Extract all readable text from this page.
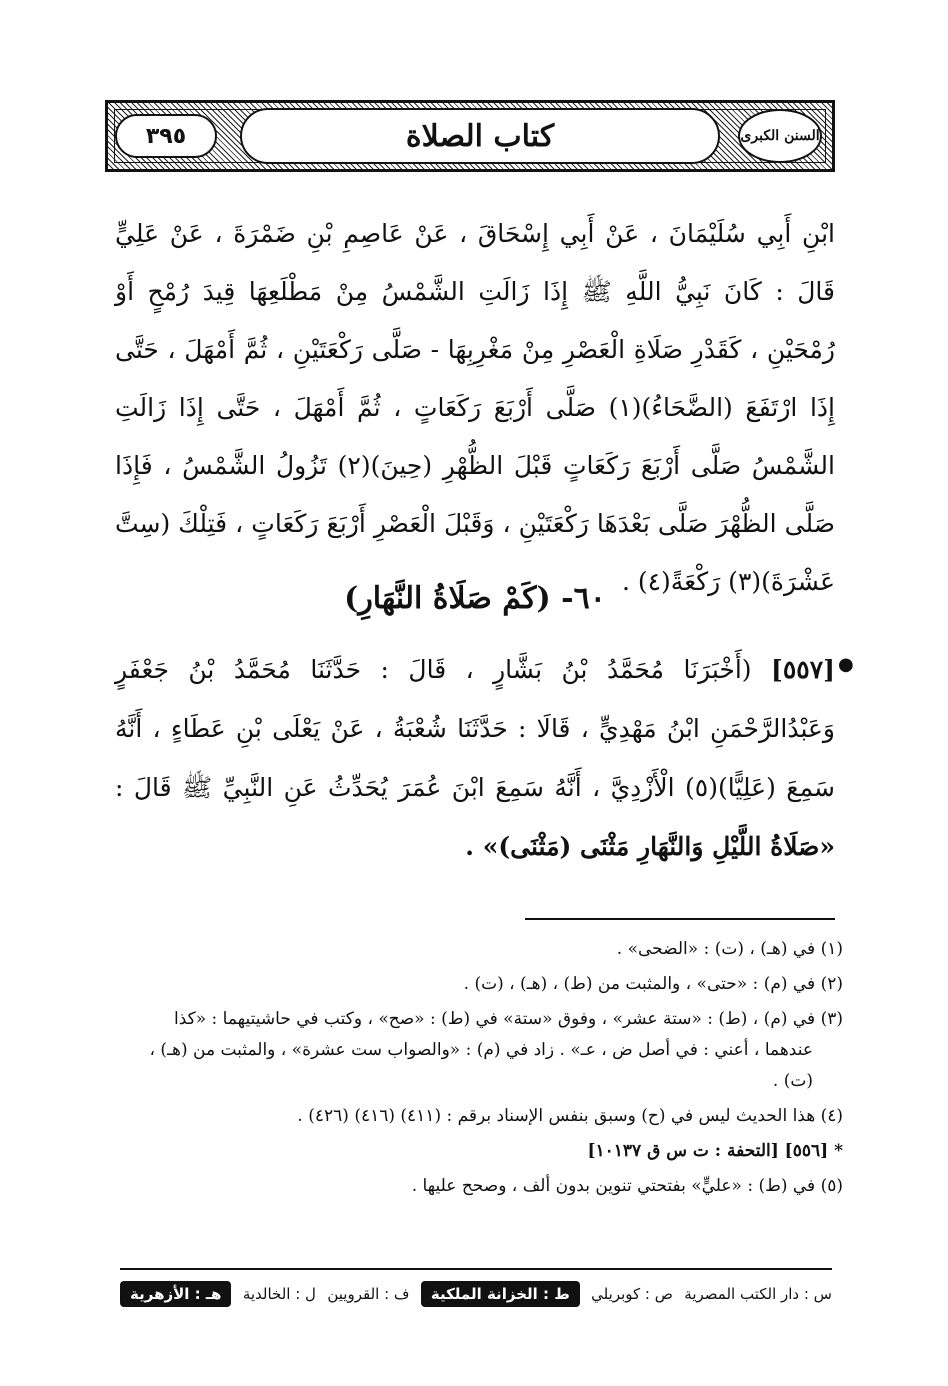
٣٩٥	كتاب الصلاة	السنن الكبرى
ابْنِ أَبِي سُلَيْمَانَ ، عَنْ أَبِي إِسْحَاقَ ، عَنْ عَاصِمِ بْنِ ضَمْرَةَ ، عَنْ عَلِيٍّ قَالَ : كَانَ نَبِيُّ اللَّهِ ﷺ إِذَا زَالَتِ الشَّمْسُ مِنْ مَطْلَعِهَا قِيدَ رُمْحٍ أَوْ رُمْحَيْنِ ، كَقَدْرِ صَلَاةِ الْعَصْرِ مِنْ مَغْرِبِهَا - صَلَّى رَكْعَتَيْنِ ، ثُمَّ أَمْهَلَ ، حَتَّى إِذَا ارْتَفَعَ (الضَّحَاءُ)(١) صَلَّى أَرْبَعَ رَكَعَاتٍ ، ثُمَّ أَمْهَلَ ، حَتَّى إِذَا زَالَتِ الشَّمْسُ صَلَّى أَرْبَعَ رَكَعَاتٍ قَبْلَ الظُّهْرِ (حِينَ)(٢) تَزُولُ الشَّمْسُ ، فَإِذَا صَلَّى الظُّهْرَ صَلَّى بَعْدَهَا رَكْعَتَيْنِ ، وَقَبْلَ الْعَصْرِ أَرْبَعَ رَكَعَاتٍ ، فَتِلْكَ (سِتَّ عَشْرَةَ)(٣) رَكْعَةً(٤) .
٦٠- (كَمْ صَلَاةُ النَّهَارِ)
●
[٥٥٧] (أَخْبَرَنَا مُحَمَّدُ بْنُ بَشَّارٍ ، قَالَ : حَدَّثَنَا مُحَمَّدُ بْنُ جَعْفَرٍ وَعَبْدُالرَّحْمَنِ ابْنُ مَهْدِيٍّ ، قَالَا : حَدَّثَنَا شُعْبَةُ ، عَنْ يَعْلَى بْنِ عَطَاءٍ ، أَنَّهُ سَمِعَ (عَلِيًّا)(٥) الْأَزْدِيَّ ، أَنَّهُ سَمِعَ ابْنَ عُمَرَ يُحَدِّثُ عَنِ النَّبِيِّ ﷺ قَالَ : «صَلَاةُ اللَّيْلِ وَالنَّهَارِ مَثْنَى (مَثْنَى)» .
(١) في (هـ) ، (ت) : «الضحى» .
(٢) في (م) : «حتى» ، والمثبت من (ط) ، (هـ) ، (ت) .
(٣) في (م) ، (ط) : «ستة عشر» ، وفوق «ستة» في (ط) : «صح» ، وكتب في حاشيتيهما : «كذا
عندهما ، أعني : في أصل ض ، عـ» . زاد في (م) : «والصواب ست عشرة» ، والمثبت من (هـ) ، (ت) .
(٤) هذا الحديث ليس في (ح) وسبق بنفس الإسناد برقم : (٤١١) (٤١٦) (٤٢٦) .
* [٥٥٦] [التحفة : ت س ق ١٠١٣٧]
(٥) في (ط) : «عليٍّ» بفتحتي تنوين بدون ألف ، وصحح عليها .
س : دار الكتب المصرية
ص : كوبريلي
ط : الخزانة الملكية
ف : القرويين
ل : الخالدية
هـ : الأزهرية
